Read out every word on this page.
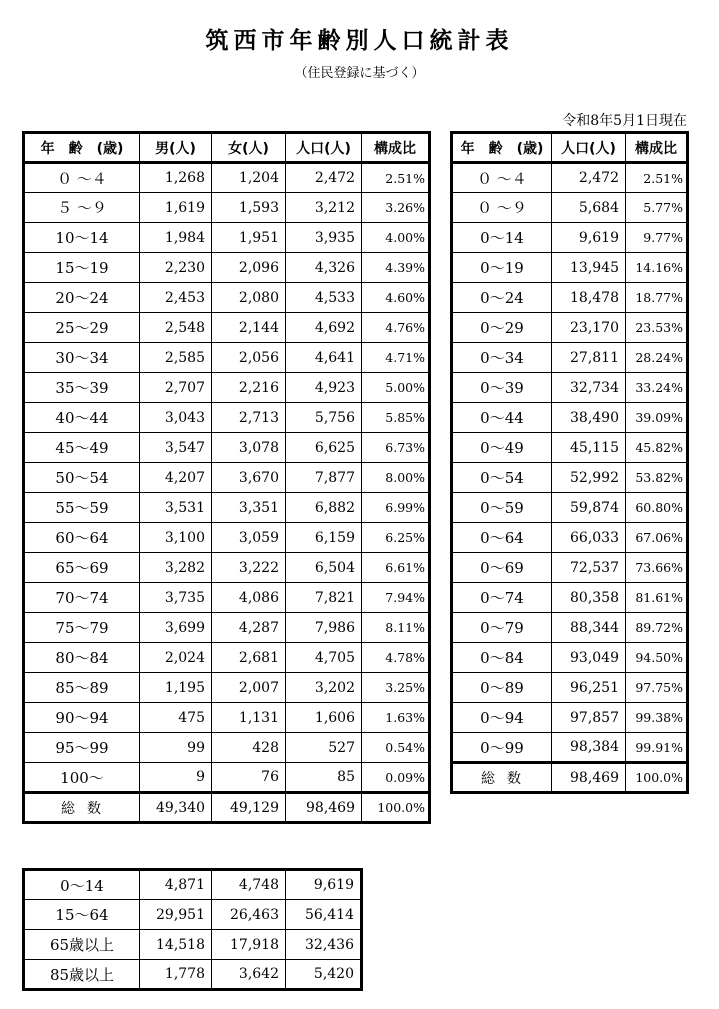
筑西市年齢別人口統計表
（住民登録に基づく）
令和8年5月1日現在
年　齢　(歳)	男(人)	女(人)	人口(人)	構成比
０ ～４	1,268	1,204	2,472	2.51%
５ ～９	1,619	1,593	3,212	3.26%
10～14	1,984	1,951	3,935	4.00%
15～19	2,230	2,096	4,326	4.39%
20～24	2,453	2,080	4,533	4.60%
25～29	2,548	2,144	4,692	4.76%
30～34	2,585	2,056	4,641	4.71%
35～39	2,707	2,216	4,923	5.00%
40～44	3,043	2,713	5,756	5.85%
45～49	3,547	3,078	6,625	6.73%
50～54	4,207	3,670	7,877	8.00%
55～59	3,531	3,351	6,882	6.99%
60～64	3,100	3,059	6,159	6.25%
65～69	3,282	3,222	6,504	6.61%
70～74	3,735	4,086	7,821	7.94%
75～79	3,699	4,287	7,986	8.11%
80～84	2,024	2,681	4,705	4.78%
85～89	1,195	2,007	3,202	3.25%
90～94	475	1,131	1,606	1.63%
95～99	99	428	527	0.54%
100～	9	76	85	0.09%
総数	49,340	49,129	98,469	100.0%
年　齢　(歳)	人口(人)	構成比
０ ～４	2,472	2.51%
０ ～９	5,684	5.77%
0～14	9,619	9.77%
0～19	13,945	14.16%
0～24	18,478	18.77%
0～29	23,170	23.53%
0～34	27,811	28.24%
0～39	32,734	33.24%
0～44	38,490	39.09%
0～49	45,115	45.82%
0～54	52,992	53.82%
0～59	59,874	60.80%
0～64	66,033	67.06%
0～69	72,537	73.66%
0～74	80,358	81.61%
0～79	88,344	89.72%
0～84	93,049	94.50%
0～89	96,251	97.75%
0～94	97,857	99.38%
0～99	98,384	99.91%
総数	98,469	100.0%
0～14	4,871	4,748	9,619
15～64	29,951	26,463	56,414
65歳以上	14,518	17,918	32,436
85歳以上	1,778	3,642	5,420
